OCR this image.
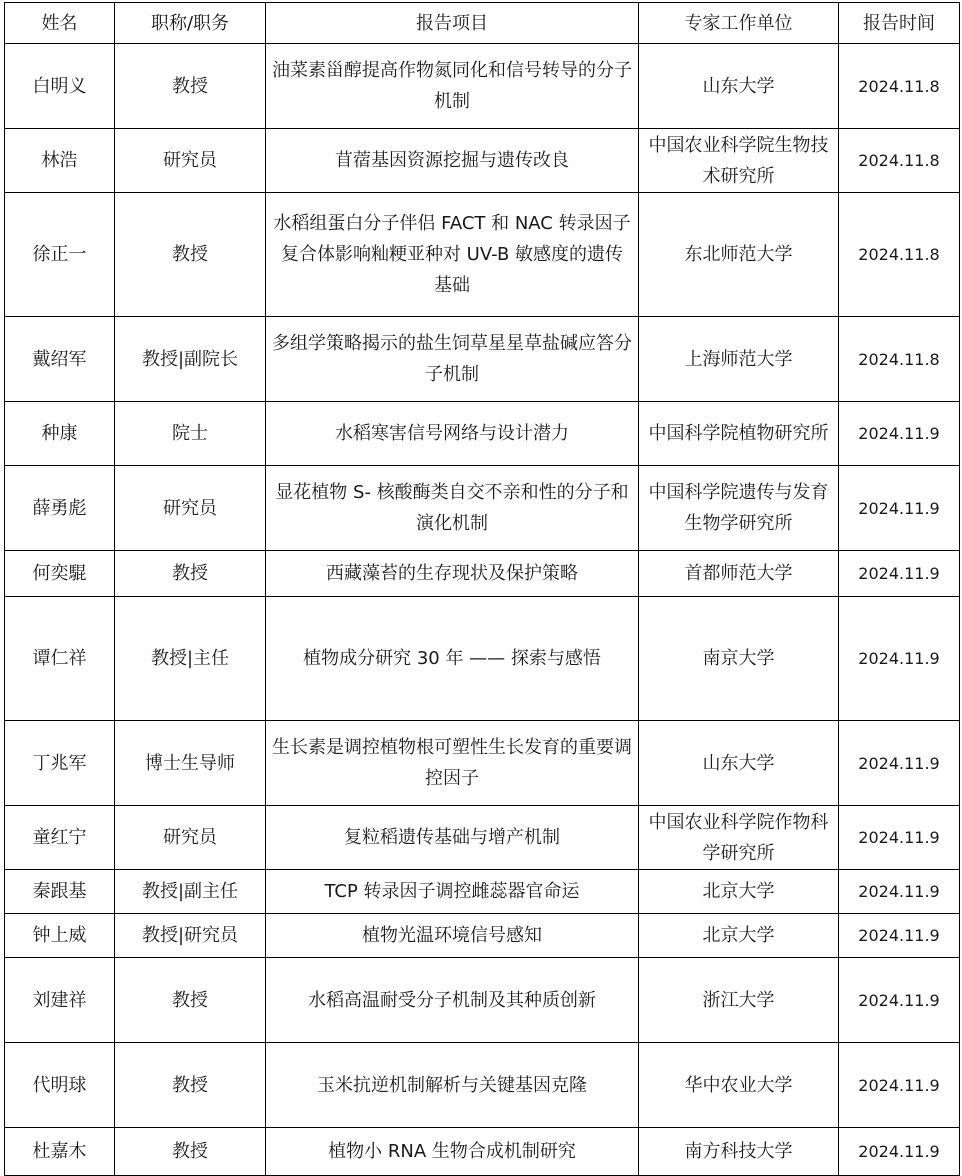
姓名	职称/职务	报告项目	专家工作单位	报告时间
白明义	教授	油菜素甾醇提高作物氮同化和信号转导的分子机制	山东大学	2024.11.8
林浩	研究员	苜蓿基因资源挖掘与遗传改良	中国农业科学院生物技术研究所	2024.11.8
徐正一	教授	水稻组蛋白分子伴侣 FACT 和 NAC 转录因子复合体影响籼粳亚种对 UV-B 敏感度的遗传基础	东北师范大学	2024.11.8
戴绍军	教授|副院长	多组学策略揭示的盐生饲草星星草盐碱应答分子机制	上海师范大学	2024.11.8
种康	院士	水稻寒害信号网络与设计潜力	中国科学院植物研究所	2024.11.9
薛勇彪	研究员	显花植物 S- 核酸酶类自交不亲和性的分子和演化机制	中国科学院遗传与发育生物学研究所	2024.11.9
何奕騉	教授	西藏藻苔的生存现状及保护策略	首都师范大学	2024.11.9
谭仁祥	教授|主任	植物成分研究 30 年 —— 探索与感悟	南京大学	2024.11.9
丁兆军	博士生导师	生长素是调控植物根可塑性生长发育的重要调控因子	山东大学	2024.11.9
童红宁	研究员	复粒稻遗传基础与增产机制	中国农业科学院作物科学研究所	2024.11.9
秦跟基	教授|副主任	TCP 转录因子调控雌蕊器官命运	北京大学	2024.11.9
钟上威	教授|研究员	植物光温环境信号感知	北京大学	2024.11.9
刘建祥	教授	水稻高温耐受分子机制及其种质创新	浙江大学	2024.11.9
代明球	教授	玉米抗逆机制解析与关键基因克隆	华中农业大学	2024.11.9
杜嘉木	教授	植物小 RNA 生物合成机制研究	南方科技大学	2024.11.9
